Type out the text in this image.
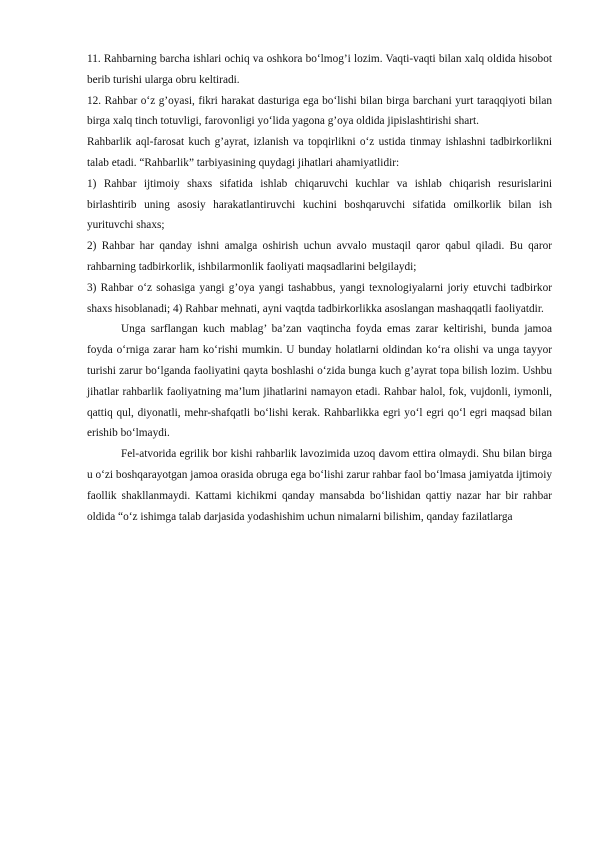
11. Rahbarning barcha ishlari ochiq va oshkora bo‘lmog’i lozim. Vaqti-vaqti bilan xalq oldida hisobot berib turishi ularga obru keltiradi.

12. Rahbar o‘z g’oyasi, fikri harakat dasturiga ega bo‘lishi bilan birga barchani yurt taraqqiyoti bilan birga xalq tinch totuvligi, farovonligi yo‘lida yagona g’oya oldida jipislashtirishi shart.

Rahbarlik aql-farosat kuch g’ayrat, izlanish va topqirlikni o‘z ustida tinmay ishlashni tadbirkorlikni talab etadi. “Rahbarlik” tarbiyasining quydagi jihatlari ahamiyatlidir:

1) Rahbar ijtimoiy shaxs sifatida ishlab chiqaruvchi kuchlar va ishlab chiqarish resurislarini birlashtirib uning asosiy harakatlantiruvchi kuchini boshqaruvchi sifatida omilkorlik bilan ish yurituvchi shaxs;

2) Rahbar har qanday ishni amalga oshirish uchun avvalo mustaqil qaror qabul qiladi. Bu qaror rahbarning tadbirkorlik, ishbilarmonlik faoliyati maqsadlarini belgilaydi;

3) Rahbar o‘z sohasiga yangi g’oya yangi tashabbus, yangi texnologiyalarni joriy etuvchi tadbirkor shaxs hisoblanadi; 4) Rahbar mehnati, ayni vaqtda tadbirkorlikka asoslangan mashaqqatli faoliyatdir.

Unga sarflangan kuch mablag’ ba’zan vaqtincha foyda emas zarar keltirishi, bunda jamoa foyda o‘rniga zarar ham ko‘rishi mumkin. U bunday holatlarni oldindan ko‘ra olishi va unga tayyor turishi zarur bo‘lganda faoliyatini qayta boshlashi o‘zida bunga kuch g’ayrat topa bilish lozim. Ushbu jihatlar rahbarlik faoliyatning ma’lum jihatlarini namayon etadi. Rahbar halol, fok, vujdonli, iymonli, qattiq qul, diyonatli, mehr-shafqatli bo‘lishi kerak. Rahbarlikka egri yo‘l egri qo‘l egri maqsad bilan erishib bo‘lmaydi.

Fel-atvorida egrilik bor kishi rahbarlik lavozimida uzoq davom ettira olmaydi. Shu bilan birga u o‘zi boshqarayotgan jamoa orasida obruga ega bo‘lishi zarur rahbar faol bo‘lmasa jamiyatda ijtimoiy faollik shakllanmaydi. Kattami kichikmi qanday mansabda bo‘lishidan qattiy nazar har bir rahbar oldida “o‘z ishimga talab darjasida yodashishim uchun nimalarni bilishim, qanday fazilatlarga
